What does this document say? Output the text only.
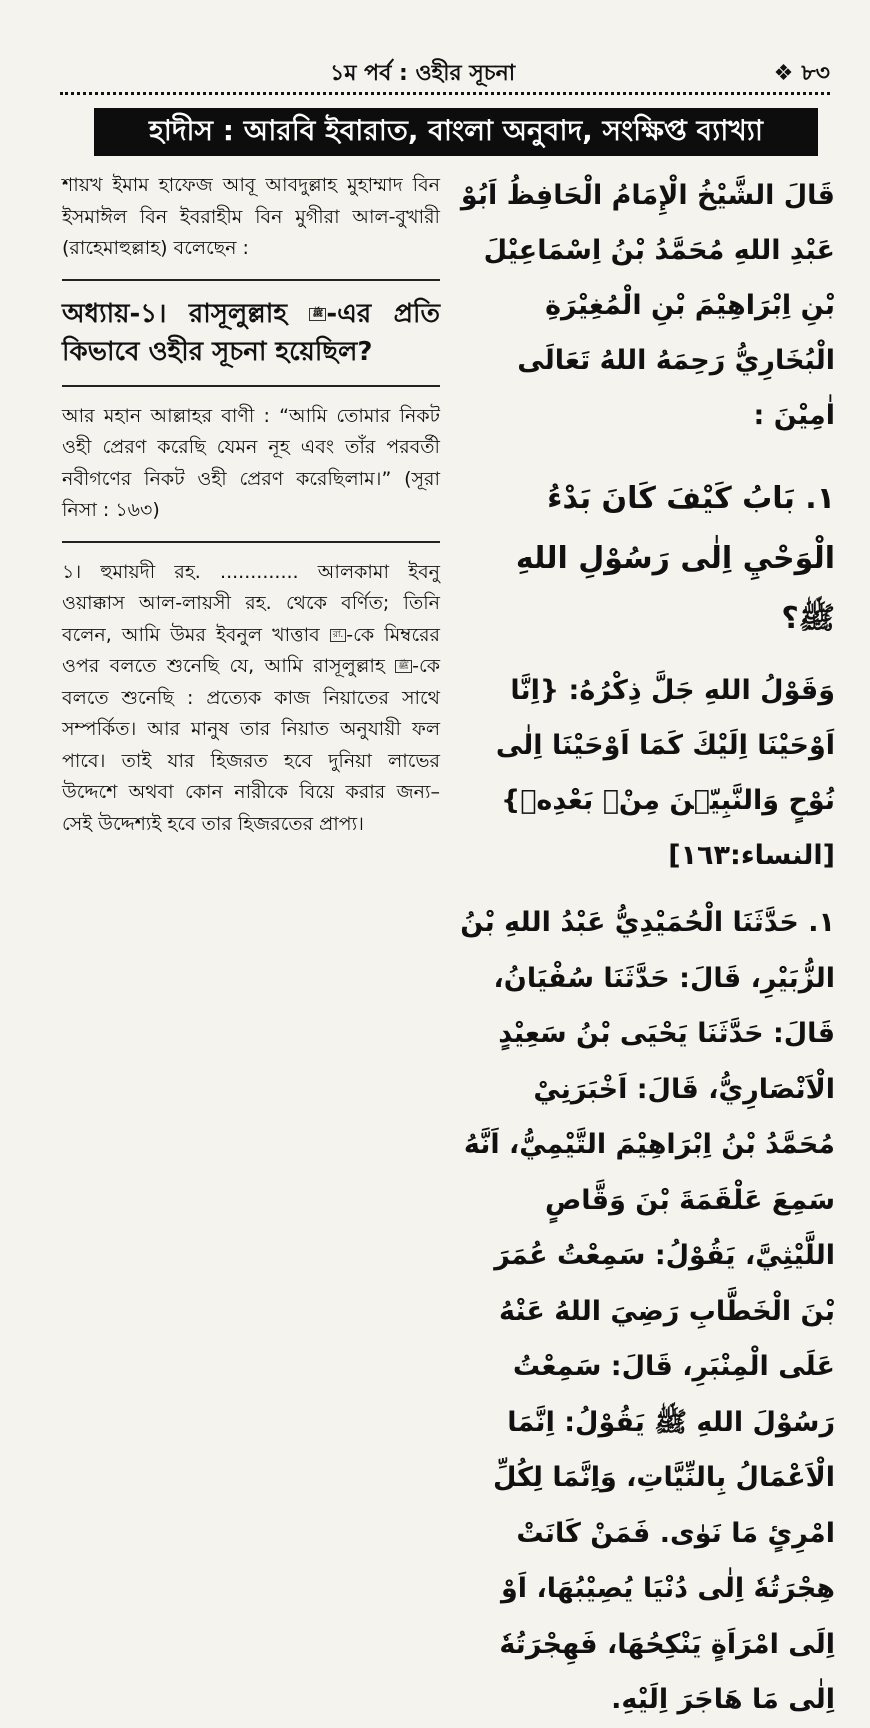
১ম পর্ব : ওহীর সূচনা	❖ ৮৩
হাদীস : আরবি ইবারাত, বাংলা অনুবাদ, সংক্ষিপ্ত ব্যাখ্যা

শায়খ ইমাম হাফেজ আবূ আবদুল্লাহ মুহাম্মাদ বিন ইসমাঈল বিন ইবরাহীম বিন মুগীরা আল-বুখারী (রাহেমাহুল্লাহ) বলেছেন :

অধ্যায়-১। রাসূলুল্লাহ ﷺ -এর প্রতি কিভাবে ওহীর সূচনা হয়েছিল?

আর মহান আল্লাহর বাণী : “আমি তোমার নিকট ওহী প্রেরণ করেছি যেমন নূহ এবং তাঁর পরবর্তী নবীগণের নিকট ওহী প্রেরণ করেছিলাম।” (সূরা নিসা : ১৬৩)

১। হুমায়দী রহ. ............. আলকামা ইবনু ওয়াক্কাস আল-লায়সী রহ. থেকে বর্ণিত; তিনি বলেন, আমি উমর ইবনুল খাত্তাব রা. -কে মিম্বরের ওপর বলতে শুনেছি যে, আমি রাসূলুল্লাহ ﷺ -কে বলতে শুনেছি : প্রত্যেক কাজ নিয়াতের সাথে সম্পর্কিত। আর মানুষ তার নিয়াত অনুযায়ী ফল পাবে। তাই যার হিজরত হবে দুনিয়া লাভের উদ্দেশে অথবা কোন নারীকে বিয়ে করার জন্য– সেই উদ্দেশ্যই হবে তার হিজরতের প্রাপ্য।

قَالَ الشَّيْخُ الْإِمَامُ الْحَافِظُ اَبُوْ عَبْدِ اللهِ مُحَمَّدُ بْنُ اِسْمَاعِيْلَ بْنِ اِبْرَاهِيْمَ بْنِ الْمُغِيْرَةِ الْبُخَارِيُّ رَحِمَهُ اللهُ تَعَالَى اٰمِيْنَ :

١. بَابُ كَيْفَ كَانَ بَدْءُ الْوَحْيِ اِلٰى رَسُوْلِ اللهِ ﷺ؟

وَقَوْلُ اللهِ جَلَّ ذِكْرُهُ: {اِنَّا اَوْحَيْنَا اِلَيْكَ كَمَا اَوْحَيْنَا اِلٰى نُوْحٍ وَالنَّبِيّٖنَ مِنْۢ بَعْدِهٖ} [النساء:١٦٣]

١. حَدَّثَنَا الْحُمَيْدِيُّ عَبْدُ اللهِ بْنُ الزُّبَيْرِ، قَالَ: حَدَّثَنَا سُفْيَانُ، قَالَ: حَدَّثَنَا يَحْيَى بْنُ سَعِيْدٍ الْاَنْصَارِيُّ، قَالَ: اَخْبَرَنِيْ مُحَمَّدُ بْنُ اِبْرَاهِيْمَ التَّيْمِيُّ، اَنَّهُ سَمِعَ عَلْقَمَةَ بْنَ وَقَّاصٍ اللَّيْثِيَّ، يَقُوْلُ: سَمِعْتُ عُمَرَ بْنَ الْخَطَّابِ رَضِيَ اللهُ عَنْهُ عَلَى الْمِنْبَرِ، قَالَ: سَمِعْتُ رَسُوْلَ اللهِ ﷺ يَقُوْلُ: اِنَّمَا الْاَعْمَالُ بِالنِّيَّاتِ، وَاِنَّمَا لِكُلِّ امْرِئٍ مَا نَوٰى. فَمَنْ كَانَتْ هِجْرَتُهٗ اِلٰى دُنْيَا يُصِيْبُهَا، اَوْ اِلَى امْرَاَةٍ يَنْكِحُهَا، فَهِجْرَتُهٗ اِلٰى مَا هَاجَرَ اِلَيْهِ.
